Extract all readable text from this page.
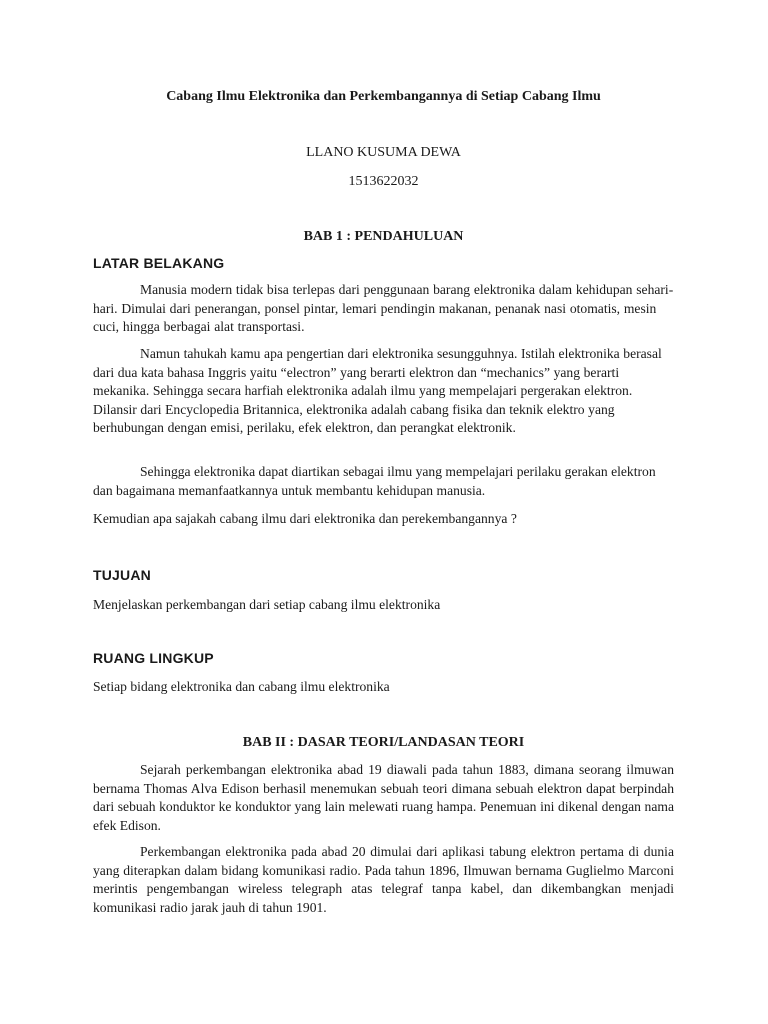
Cabang Ilmu Elektronika dan Perkembangannya di Setiap Cabang Ilmu
LLANO KUSUMA DEWA
1513622032
BAB 1 : PENDAHULUAN
LATAR BELAKANG

Manusia modern tidak bisa terlepas dari penggunaan barang elektronika dalam kehidupan sehari-hari. Dimulai dari penerangan, ponsel pintar, lemari pendingin makanan, penanak nasi otomatis, mesin cuci, hingga berbagai alat transportasi.

Namun tahukah kamu apa pengertian dari elektronika sesungguhnya. Istilah elektronika berasal dari dua kata bahasa Inggris yaitu “electron” yang berarti elektron dan “mechanics” yang berarti mekanika. Sehingga secara harfiah elektronika adalah ilmu yang mempelajari pergerakan elektron. Dilansir dari Encyclopedia Britannica, elektronika adalah cabang fisika dan teknik elektro yang berhubungan dengan emisi, perilaku, efek elektron, dan perangkat elektronik.

Sehingga elektronika dapat diartikan sebagai ilmu yang mempelajari perilaku gerakan elektron dan bagaimana memanfaatkannya untuk membantu kehidupan manusia.

Kemudian apa sajakah cabang ilmu dari elektronika dan perekembangannya ?

TUJUAN

Menjelaskan perkembangan dari setiap cabang ilmu elektronika

RUANG LINGKUP

Setiap bidang elektronika dan cabang ilmu elektronika

BAB II : DASAR TEORI/LANDASAN TEORI

Sejarah perkembangan elektronika abad 19 diawali pada tahun 1883, dimana seorang ilmuwan bernama Thomas Alva Edison berhasil menemukan sebuah teori dimana sebuah elektron dapat berpindah dari sebuah konduktor ke konduktor yang lain melewati ruang hampa. Penemuan ini dikenal dengan nama efek Edison.

Perkembangan elektronika pada abad 20 dimulai dari aplikasi tabung elektron pertama di dunia yang diterapkan dalam bidang komunikasi radio. Pada tahun 1896, Ilmuwan bernama Guglielmo Marconi merintis pengembangan wireless telegraph atas telegraf tanpa kabel, dan dikembangkan menjadi komunikasi radio jarak jauh di tahun 1901.
